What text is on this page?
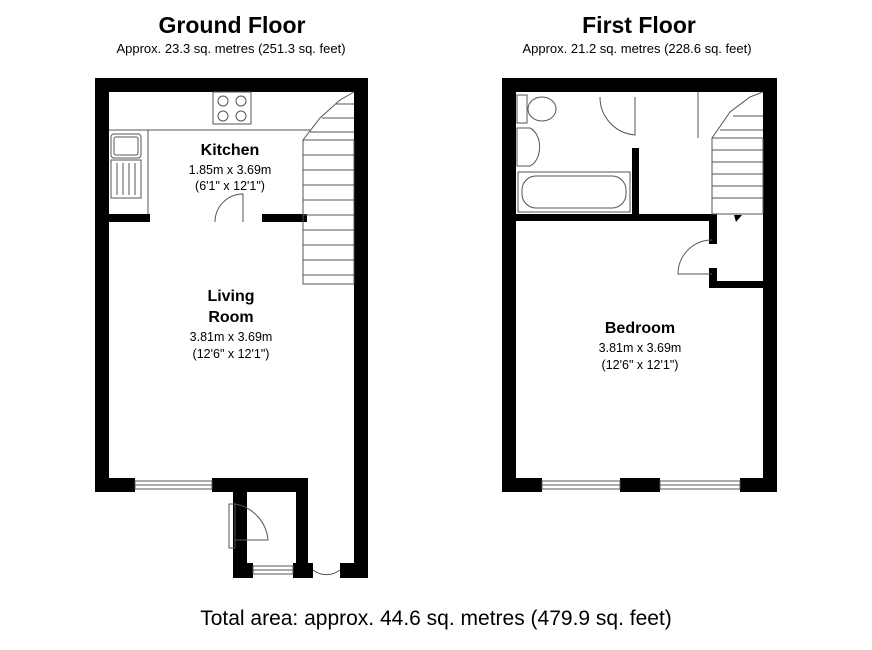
Ground Floor
Approx. 23.3 sq. metres (251.3 sq. feet)
First Floor
Approx. 21.2 sq. metres (228.6 sq. feet)
Kitchen
1.85m x 3.69m
(6'1" x 12'1")
Living
Room
3.81m x 3.69m
(12'6" x 12'1")
Bedroom
3.81m x 3.69m
(12'6" x 12'1")
Total area: approx. 44.6 sq. metres (479.9 sq. feet)
